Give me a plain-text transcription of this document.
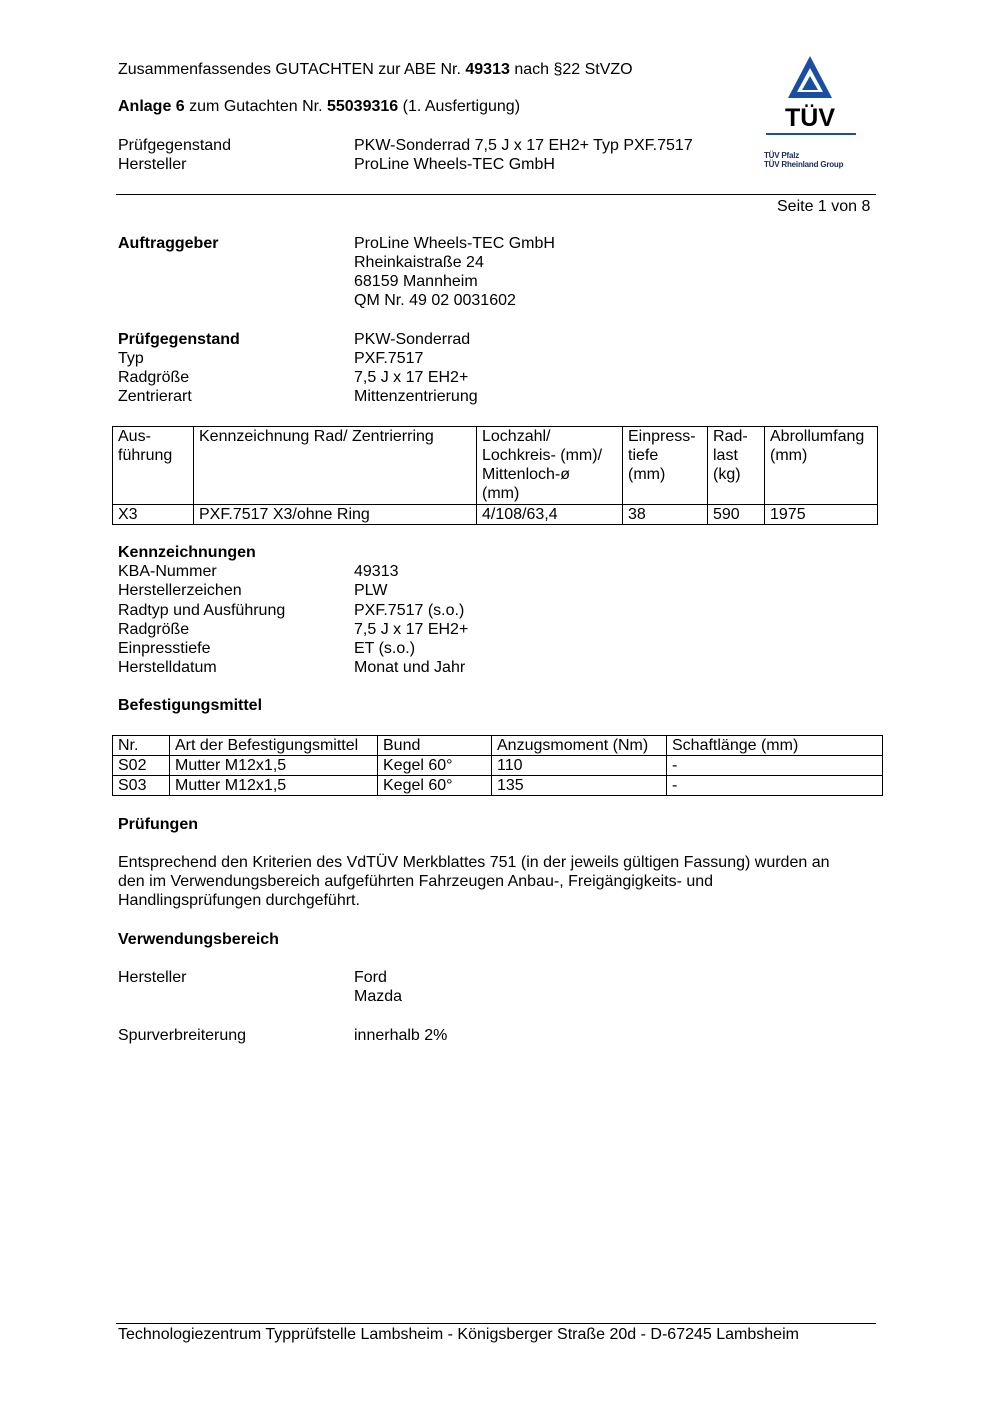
Zusammenfassendes GUTACHTEN zur ABE Nr. 49313 nach §22 StVZO
Anlage 6 zum Gutachten Nr. 55039316 (1. Ausfertigung)
Prüfgegenstand	PKW-Sonderrad 7,5 J x 17 EH2+ Typ PXF.7517
Hersteller	ProLine Wheels-TEC GmbH
TÜV
TÜV Pfalz
TÜV Rheinland Group
Seite 1 von 8
Auftraggeber	ProLine Wheels-TEC GmbH
Rheinkaistraße 24
68159 Mannheim
QM Nr. 49 02 0031602
Prüfgegenstand	PKW-Sonderrad
Typ	PXF.7517
Radgröße	7,5 J x 17 EH2+
Zentrierart	Mittenzentrierung
Aus-
führung	Kennzeichnung Rad/ Zentrierring	Lochzahl/
Lochkreis- (mm)/
Mittenloch-ø
(mm)	Einpress-
tiefe
(mm)	Rad-
last
(kg)	Abrollumfang
(mm)

X3	PXF.7517 X3/ohne Ring	4/108/63,4	38	590	1975
Kennzeichnungen
KBA-Nummer	49313
Herstellerzeichen	PLW
Radtyp und Ausführung	PXF.7517 (s.o.)
Radgröße	7,5 J x 17 EH2+
Einpresstiefe	ET (s.o.)
Herstelldatum	Monat und Jahr
Befestigungsmittel
Nr.	Art der Befestigungsmittel	Bund	Anzugsmoment (Nm)	Schaftlänge (mm)
S02	Mutter M12x1,5	Kegel 60°	110	-
S03	Mutter M12x1,5	Kegel 60°	135	-
Prüfungen
Entsprechend den Kriterien des VdTÜV Merkblattes 751 (in der jeweils gültigen Fassung) wurden an
den im Verwendungsbereich aufgeführten Fahrzeugen Anbau-, Freigängigkeits- und
Handlingsprüfungen durchgeführt.
Verwendungsbereich
Hersteller	Ford
Mazda
Spurverbreiterung	innerhalb 2%
Technologiezentrum Typprüfstelle Lambsheim - Königsberger Straße 20d - D-67245 Lambsheim
